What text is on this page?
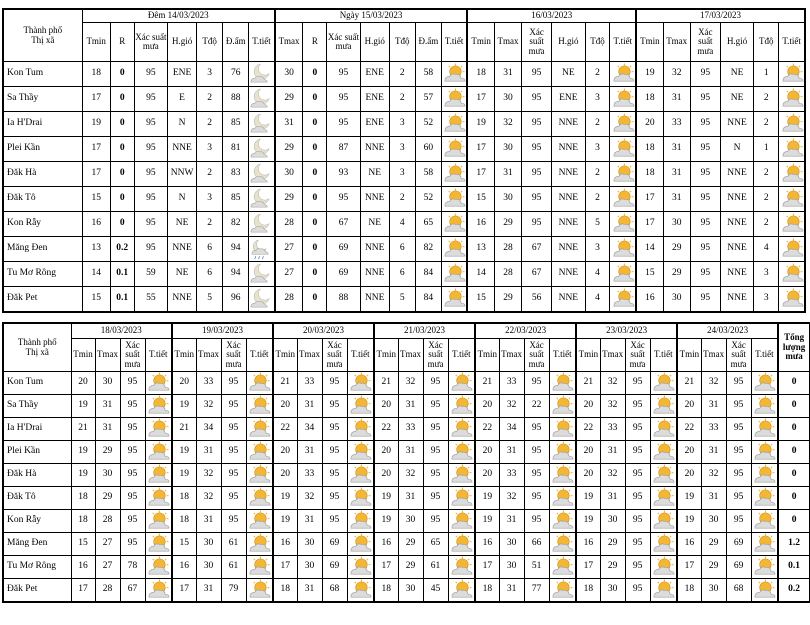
Thành phố
Thị xã	Đêm 14/03/2023							Ngày 15/03/2023							16/03/2023						17/03/2023					
	Tmin	R	Xác suất mưa	H.gió	Tđộ	Đ.ẩm	T.tiết	Tmax	R	Xác suất mưa	H.gió	Tđộ	Đ.ẩm	T.tiết	Tmin	Tmax	Xác suất mưa	H.gió	Tđộ	T.tiết	Tmin	Tmax	Xác suất mưa	H.gió	Tđộ	T.tiết
Kon Tum	18	0	95	ENE	3	76		30	0	95	ENE	2	58		18	31	95	NE	2		19	32	95	NE	1	

Sa Thầy	17	0	95	E	2	88		29	0	95	ENE	2	57		17	30	95	ENE	3		18	31	95	NE	2	

Ia H'Drai	19	0	95	N	2	85		31	0	95	ENE	3	52		19	32	95	NNE	2		20	33	95	NNE	2	

Plei Kần	17	0	95	NNE	3	81		29	0	87	NNE	3	60		17	30	95	NNE	3		18	31	95	N	1	

Đăk Hà	17	0	95	NNW	2	83		30	0	93	NE	3	58		17	31	95	NNE	2		18	31	95	NNE	2	

Đăk Tô	15	0	95	N	3	85		29	0	95	NNE	2	52		15	30	95	NNE	2		17	31	95	NNE	2	

Kon Rẫy	16	0	95	NE	2	82		28	0	67	NE	4	65		16	29	95	NNE	5		17	30	95	NNE	2	

Măng Đen	13	0.2	95	NNE	6	94		27	0	69	NNE	6	82		13	28	67	NNE	3		14	29	95	NNE	4	

Tu Mơ Rông	14	0.1	59	NE	6	94		27	0	69	NNE	6	84		14	28	67	NNE	4		15	29	95	NNE	3	

Đăk Pet	15	0.1	55	NNE	5	96		28	0	88	NNE	5	84		15	29	56	NNE	4		16	30	95	NNE	3	
Thành phố
Thị xã	18/03/2023				19/03/2023				20/03/2023				21/03/2023				22/03/2023				23/03/2023				24/03/2023				Tổng lượng mưa
	Tmin	Tmax	Xác suất mưa	T.tiết	Tmin	Tmax	Xác suất mưa	T.tiết	Tmin	Tmax	Xác suất mưa	T.tiết	Tmin	Tmax	Xác suất mưa	T.tiết	Tmin	Tmax	Xác suất mưa	T.tiết	Tmin	Tmax	Xác suất mưa	T.tiết	Tmin	Tmax	Xác suất mưa	T.tiết	
Kon Tum	20	30	95		20	33	95		21	33	95		21	32	95		21	33	95		21	32	95		21	32	95		0
Sa Thầy	19	31	95		19	32	95		20	31	95		20	31	95		20	32	22		20	32	95		20	31	95		0
Ia H'Drai	21	31	95		21	34	95		22	34	95		22	33	95		22	34	95		22	33	95		22	33	95		0
Plei Kần	19	29	95		19	31	95		20	31	95		20	31	95		20	31	95		20	31	95		20	31	95		0
Đăk Hà	19	30	95		19	32	95		20	33	95		20	32	95		20	33	95		20	32	95		20	32	95		0
Đăk Tô	18	29	95		18	32	95		19	32	95		19	31	95		19	32	95		19	31	95		19	31	95		0
Kon Rẫy	18	28	95		18	31	95		19	31	95		19	30	95		19	31	95		19	30	95		19	30	95		0
Măng Đen	15	27	95		15	30	61		16	30	69		16	29	65		16	30	66		16	29	95		16	29	69		1.2
Tu Mơ Rông	16	27	78		16	30	61		17	30	69		17	29	61		17	30	51		17	29	95		17	29	69		0.1
Đăk Pet	17	28	67		17	31	79		18	31	68		18	30	45		18	31	77		18	30	95		18	30	68		0.2
